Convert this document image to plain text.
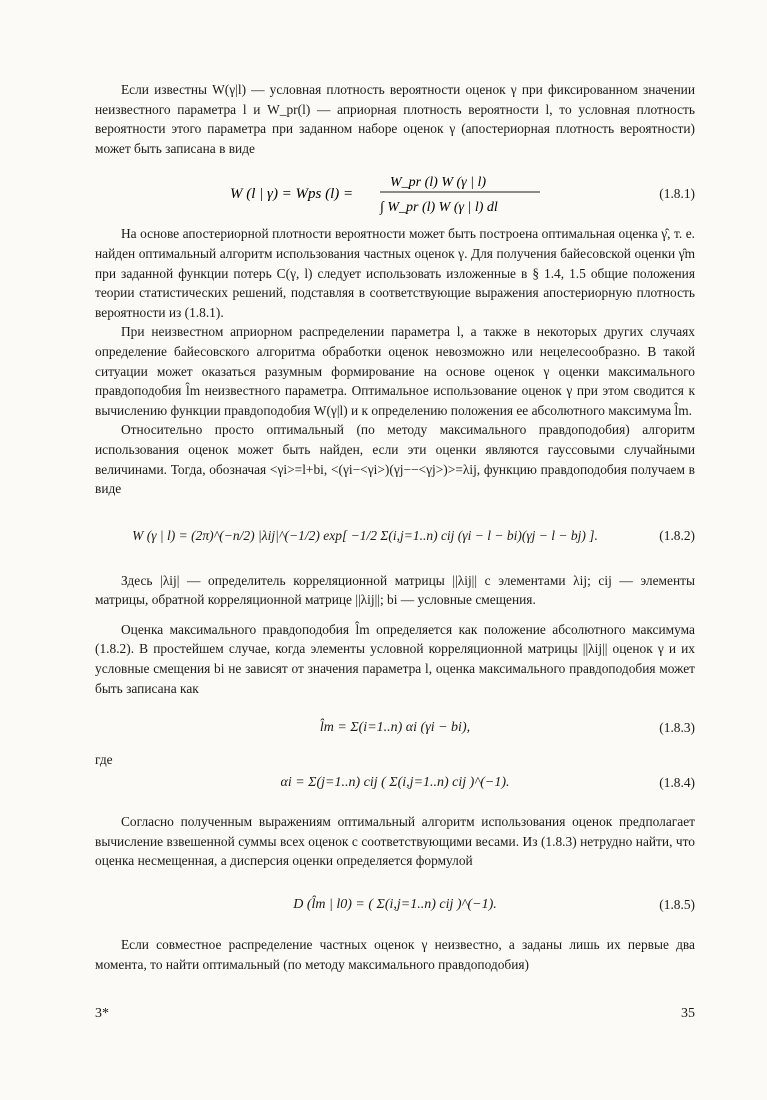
Если известны W(γ|l) — условная плотность вероятности оценок γ при фиксированном значении неизвестного параметра l и W_pr(l) — априорная плотность вероятности l, то условная плотность вероятности этого параметра при заданном наборе оценок γ (апостериорная плотность вероятности) может быть записана в виде

W (l | γ) = Wps (l) =
W_pr (l) W (γ | l)
∫ W_pr (l) W (γ | l) dl
(1.8.1)

На основе апостериорной плотности вероятности может быть построена оптимальная оценка γ̂, т. е. найден оптимальный алгоритм использования частных оценок γ. Для получения байесовской оценки γ̂m при заданной функции потерь C(γ, l) следует использовать изложенные в § 1.4, 1.5 общие положения теории статистических решений, подставляя в соответствующие выражения апостериорную плотность вероятности из (1.8.1).

При неизвестном априорном распределении параметра l, а также в некоторых других случаях определение байесовского алгоритма обработки оценок невозможно или нецелесообразно. В такой ситуации может оказаться разумным формирование на основе оценок γ оценки максимального правдоподобия l̂m неизвестного параметра. Оптимальное использование оценок γ при этом сводится к вычислению функции правдоподобия W(γ|l) и к определению положения ее абсолютного максимума l̂m.

Относительно просто оптимальный (по методу максимального правдоподобия) алгоритм использования оценок может быть найден, если эти оценки являются гауссовыми случайными величинами. Тогда, обозначая <γi>=l+bi, <(γi−<γi>)(γj−−<γj>)>=λij, функцию правдоподобия получаем в виде

W (γ | l) = (2π)^(−n/2) |λij|^(−1/2) exp[ −1/2 Σ(i,j=1..n) cij (γi − l − bi)(γj − l − bj) ].	(1.8.2)

Здесь |λij| — определитель корреляционной матрицы ||λij|| с элементами λij; cij — элементы матрицы, обратной корреляционной матрице ||λij||; bi — условные смещения.

Оценка максимального правдоподобия l̂m определяется как положение абсолютного максимума (1.8.2). В простейшем случае, когда элементы условной корреляционной матрицы ||λij|| оценок γ и их условные смещения bi не зависят от значения параметра l, оценка максимального правдоподобия может быть записана как

l̂m = Σ(i=1..n) αi (γi − bi),	(1.8.3)
где
αi = Σ(j=1..n) cij ( Σ(i,j=1..n) cij )^(−1).	(1.8.4)

Согласно полученным выражениям оптимальный алгоритм использования оценок предполагает вычисление взвешенной суммы всех оценок с соответствующими весами. Из (1.8.3) нетрудно найти, что оценка несмещенная, а дисперсия оценки определяется формулой

D (l̂m | l0) = ( Σ(i,j=1..n) cij )^(−1).	(1.8.5)

Если совместное распределение частных оценок γ неизвестно, а заданы лишь их первые два момента, то найти оптимальный (по методу максимального правдоподобия)

3*	35
